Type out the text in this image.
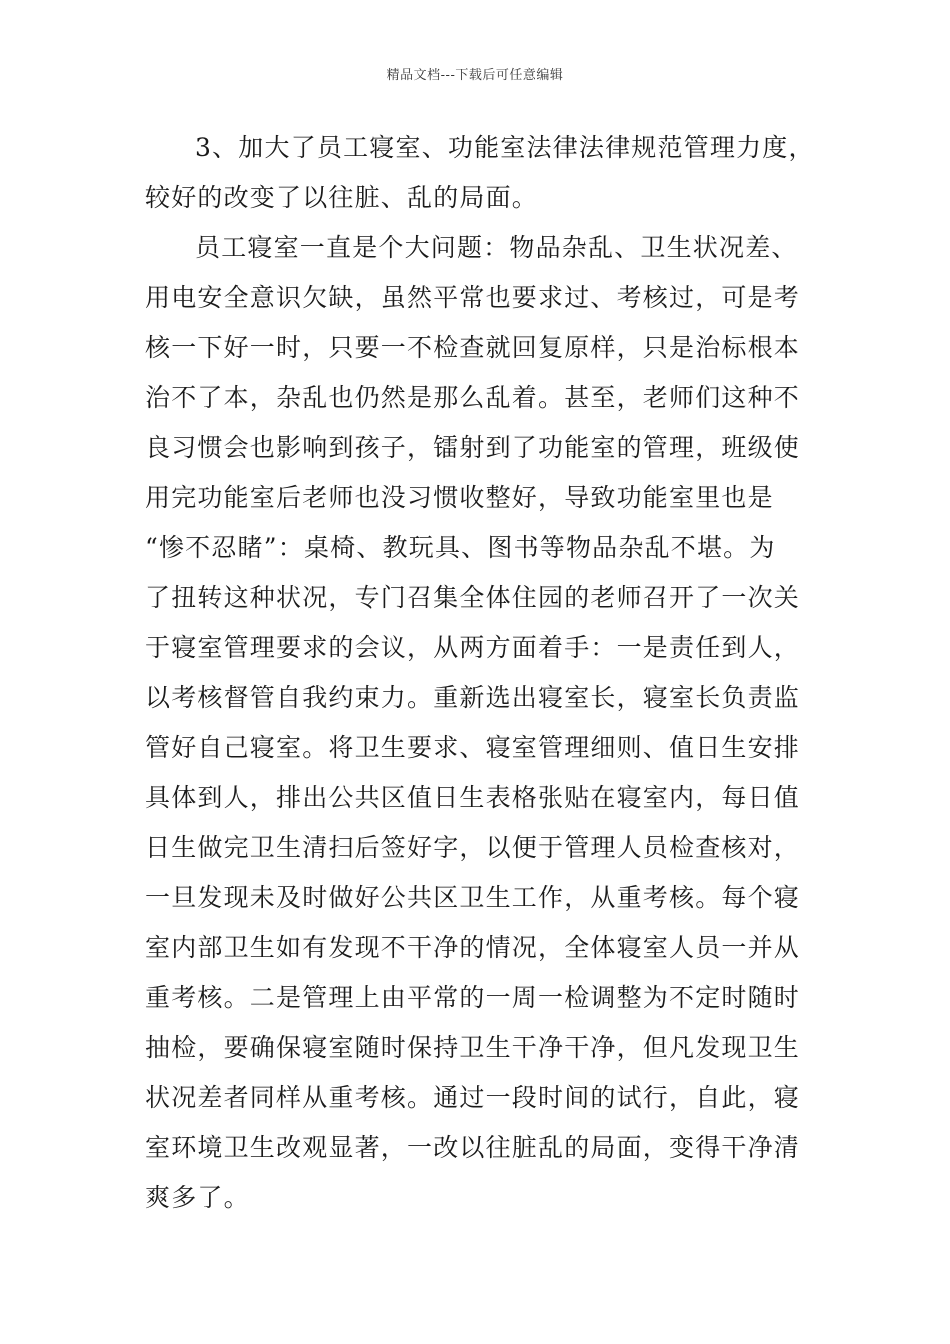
精品文档---下载后可任意编辑
3、加大了员工寝室、功能室法律法律规范管理力度，
较好的改变了以往脏、乱的局面。
员工寝室一直是个大问题：物品杂乱、卫生状况差、
用电安全意识欠缺，虽然平常也要求过、考核过，可是考
核一下好一时，只要一不检查就回复原样，只是治标根本
治不了本，杂乱也仍然是那么乱着。甚至，老师们这种不
良习惯会也影响到孩子，镭射到了功能室的管理，班级使
用完功能室后老师也没习惯收整好，导致功能室里也是
“惨不忍睹”：桌椅、教玩具、图书等物品杂乱不堪。为
了扭转这种状况，专门召集全体住园的老师召开了一次关
于寝室管理要求的会议，从两方面着手：一是责任到人，
以考核督管自我约束力。重新选出寝室长，寝室长负责监
管好自己寝室。将卫生要求、寝室管理细则、值日生安排
具体到人，排出公共区值日生表格张贴在寝室内，每日值
日生做完卫生清扫后签好字，以便于管理人员检查核对，
一旦发现未及时做好公共区卫生工作，从重考核。每个寝
室内部卫生如有发现不干净的情况，全体寝室人员一并从
重考核。二是管理上由平常的一周一检调整为不定时随时
抽检，要确保寝室随时保持卫生干净干净，但凡发现卫生
状况差者同样从重考核。通过一段时间的试行，自此，寝
室环境卫生改观显著，一改以往脏乱的局面，变得干净清
爽多了。
